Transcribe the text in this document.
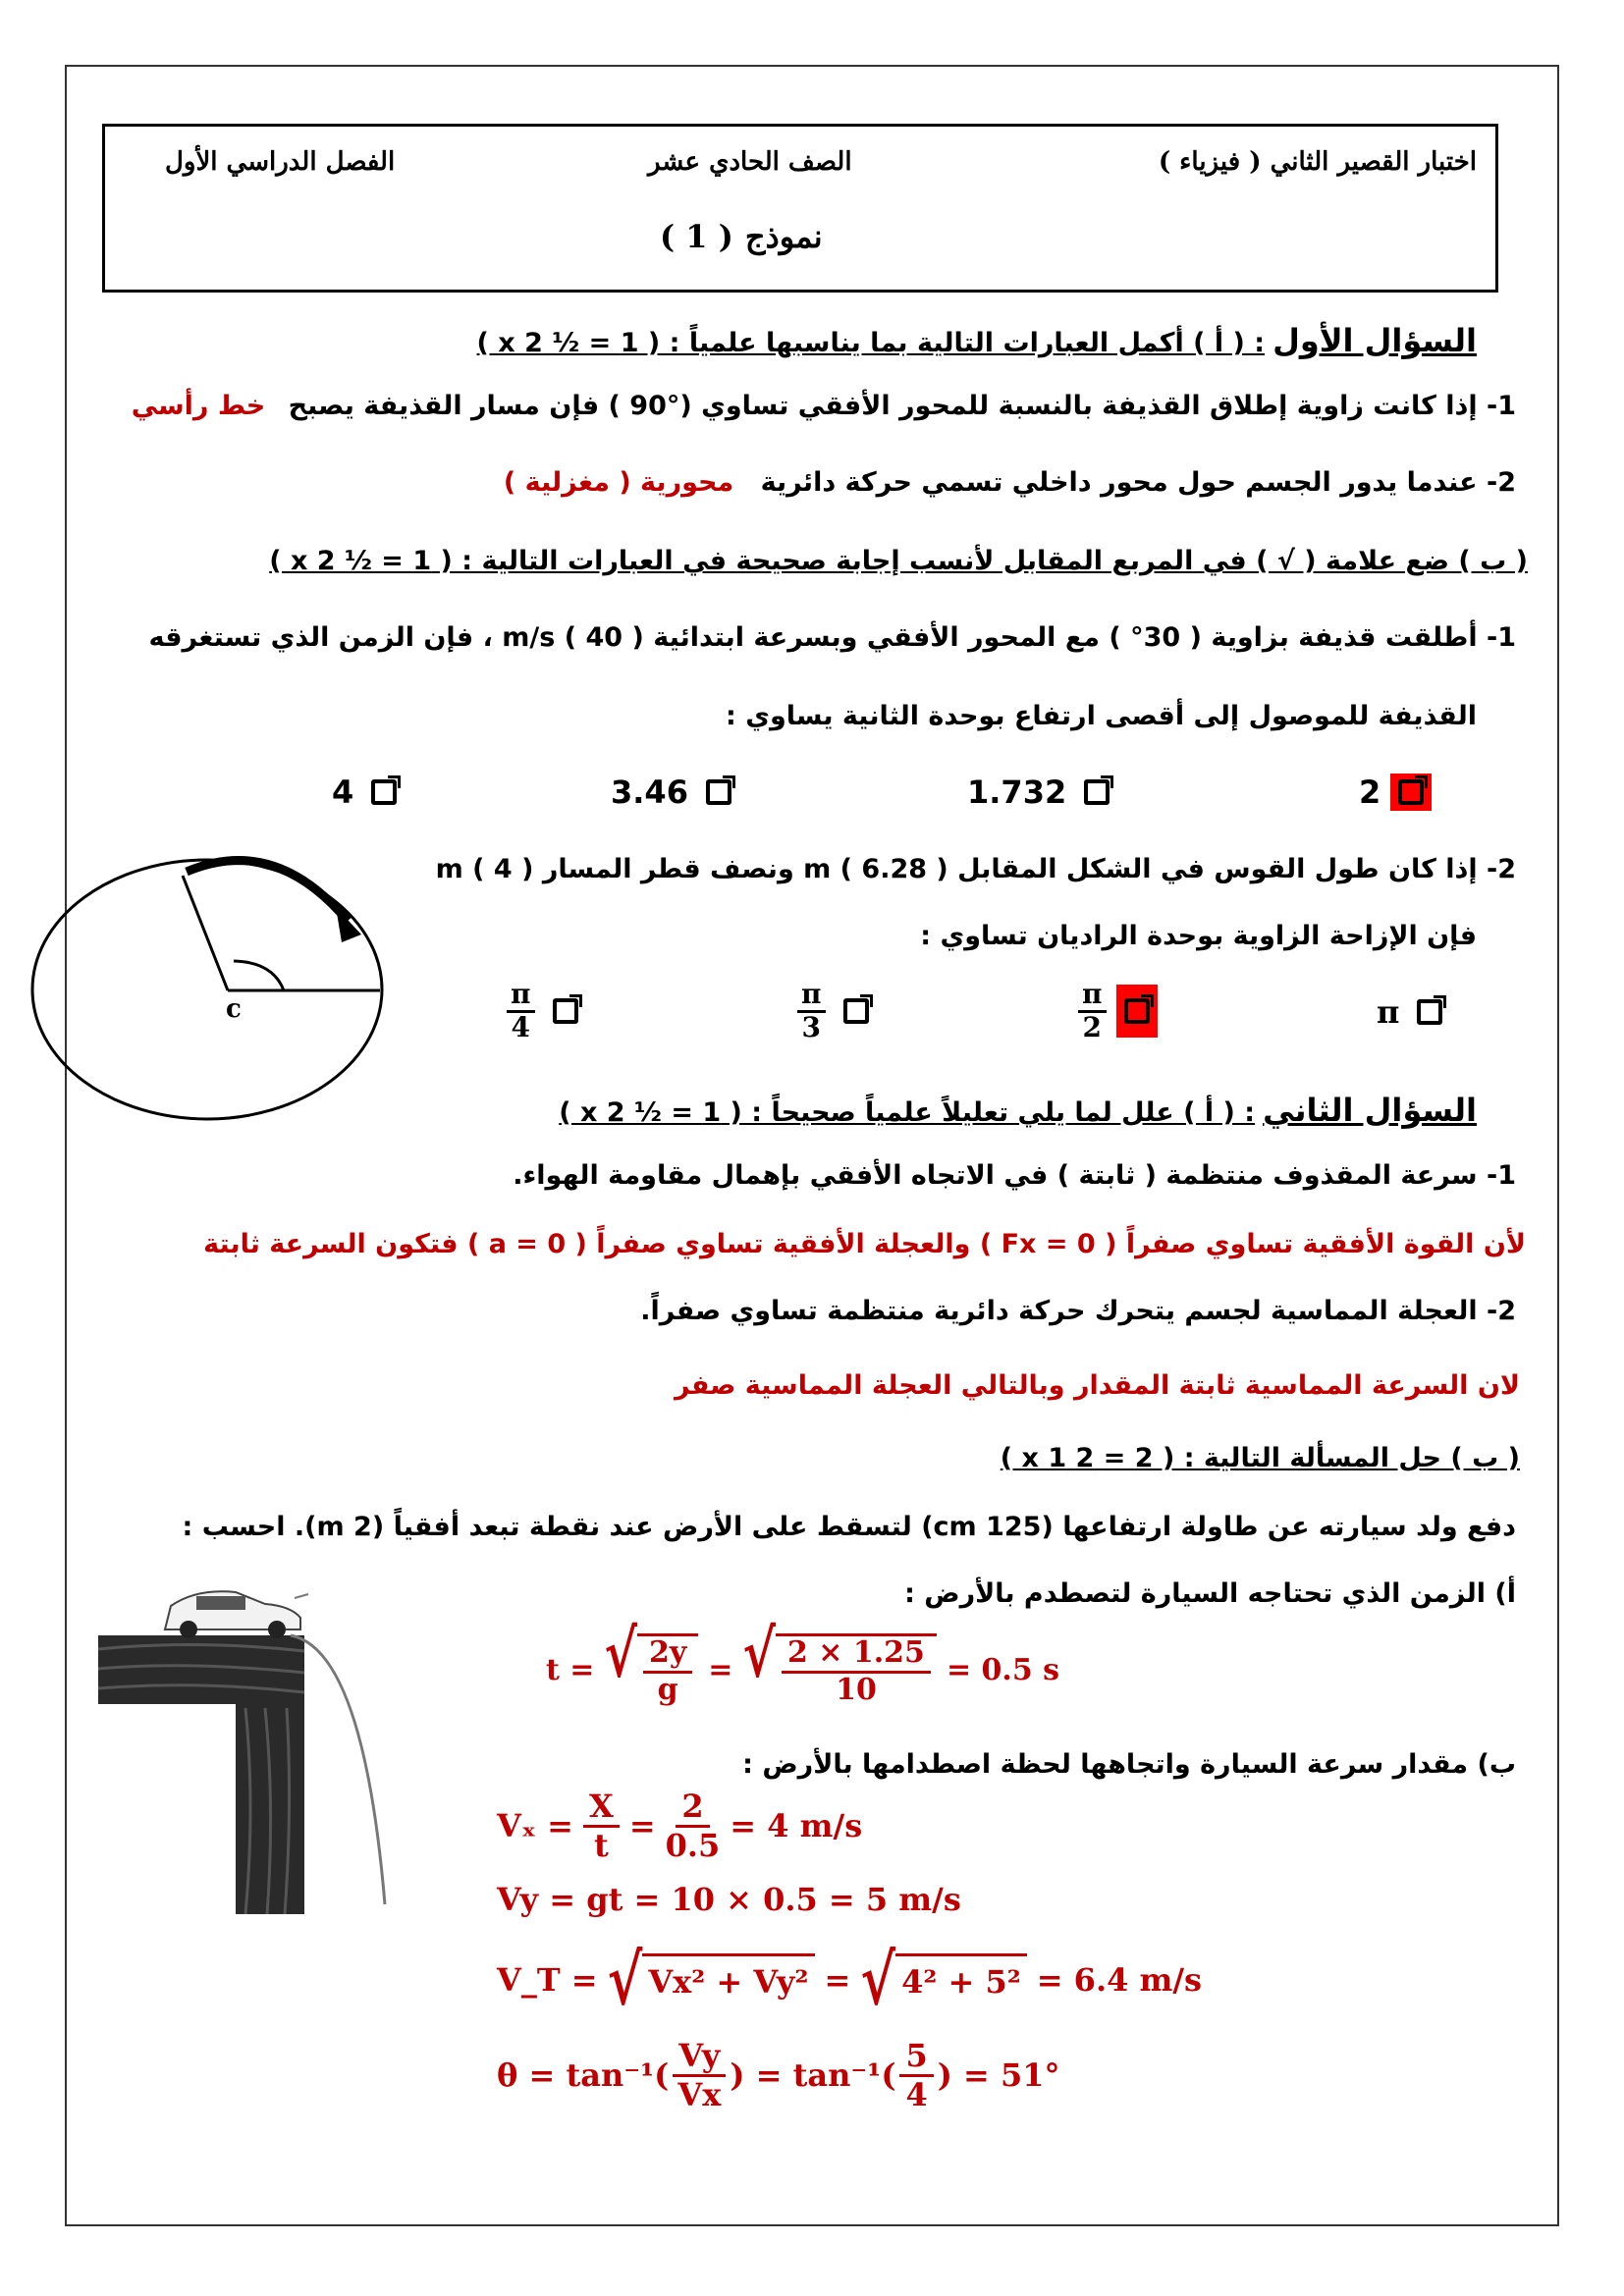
اختبار القصير الثاني ( فيزياء )
الصف الحادي عشر
الفصل الدراسي الأول
نموذج
( 1 )
السؤال الأول
: ( أ ) أكمل العبارات التالية بما يناسبها علمياً : ( 1 = ½ x 2 )
1- إذا كانت زاوية إطلاق القذيفة بالنسبة للمحور الأفقي تساوي (°90 ) فإن مسار القذيفة يصبح خط رأسي
2- عندما يدور الجسم حول محور داخلي تسمي حركة دائرية محورية ( مغزلية )
( ب ) ضع علامة ( √ ) في المربع المقابل لأنسب إجابة صحيحة في العبارات التالية : ( 1 = ½ x 2 )
1- أطلقت قذيفة بزاوية ( 30° ) مع المحور الأفقي وبسرعة ابتدائية m/s ( 40 ) ، فإن الزمن الذي تستغرقه
القذيفة للموصول إلى أقصى ارتفاع بوحدة الثانية يساوي :
2
1.732
3.46
4
2- إذا كان طول القوس في الشكل المقابل m ( 6.28 ) ونصف قطر المسار m ( 4 )
فإن الإزاحة الزاوية بوحدة الراديان تساوي :
c	π
$\frac{\pi}{2}$
$\frac{\pi}{3}$
$\frac{\pi}{4}$
السؤال الثاني
: ( أ ) علل لما يلي تعليلاً علمياً صحيحاً : ( 1 = ½ x 2 )
1- سرعة المقذوف منتظمة ( ثابتة ) في الاتجاه الأفقي بإهمال مقاومة الهواء.
لأن القوة الأفقية تساوي صفراً ( Fx = 0 ) والعجلة الأفقية تساوي صفراً ( a = 0 ) فتكون السرعة ثابتة
2- العجلة المماسية لجسم يتحرك حركة دائرية منتظمة تساوي صفراً.
لان السرعة المماسية ثابتة المقدار وبالتالي العجلة المماسية صفر
( ب ) حل المسألة التالية : ( 2 = 2 x 1 )
دفع ولد سيارته عن طاولة ارتفاعها (125 cm) لتسقط على الأرض عند نقطة تبعد أفقياً (2 m). احسب :
أ) الزمن الذي تحتاجه السيارة لتصطدم بالأرض :
t = √ 2y
g
= √ 2 × 1.25
10
= 0.5 s
ب) مقدار سرعة السيارة واتجاهها لحظة اصطدامها بالأرض :
$V_x = \frac{X}{t} = \frac{2}{0.5} = 4$ m/s
Vy = gt = 10 × 0.5 = 5 m/s
V_T = √ Vx² + Vy² = √ 4² + 5² = 6.4 m/s
θ = tan⁻¹(
Vy
Vx
) = tan⁻¹(
5
4
) = 51°
